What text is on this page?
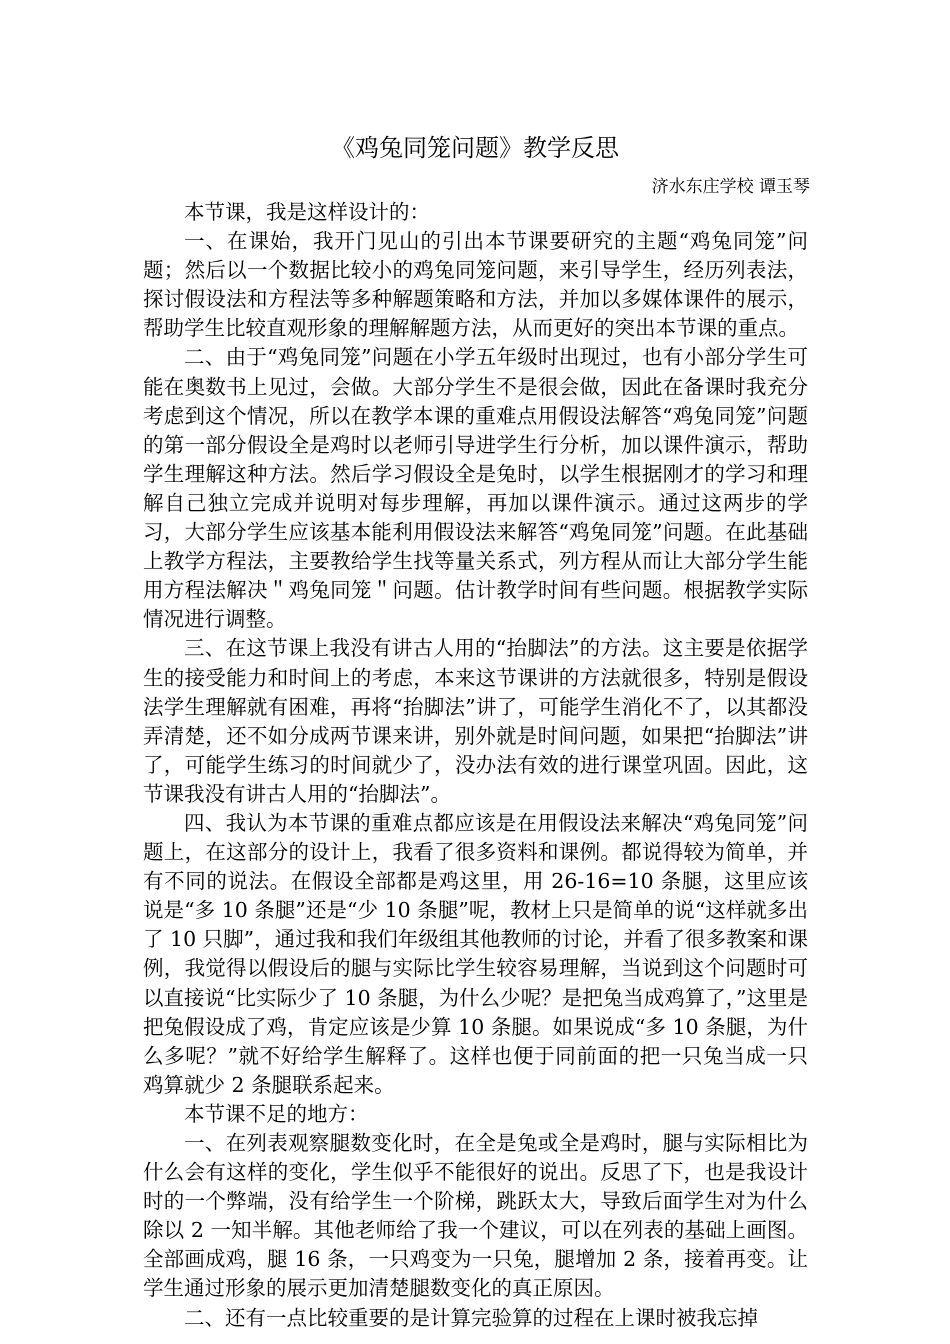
《鸡兔同笼问题》教学反思
济水东庄学校 谭玉琴

本节课，我是这样设计的：

一、在课始，我开门见山的引出本节课要研究的主题“鸡兔同笼”问题；然后以一个数据比较小的鸡兔同笼问题，来引导学生，经历列表法，探讨假设法和方程法等多种解题策略和方法，并加以多媒体课件的展示，帮助学生比较直观形象的理解解题方法，从而更好的突出本节课的重点。

二、由于“鸡兔同笼”问题在小学五年级时出现过，也有小部分学生可能在奥数书上见过，会做。大部分学生不是很会做，因此在备课时我充分考虑到这个情况，所以在教学本课的重难点用假设法解答“鸡兔同笼”问题的第一部分假设全是鸡时以老师引导进学生行分析，加以课件演示，帮助学生理解这种方法。然后学习假设全是兔时，以学生根据刚才的学习和理解自己独立完成并说明对每步理解，再加以课件演示。通过这两步的学习，大部分学生应该基本能利用假设法来解答“鸡兔同笼”问题。在此基础上教学方程法，主要教给学生找等量关系式，列方程从而让大部分学生能用方程法解决＂鸡兔同笼＂问题。估计教学时间有些问题。根据教学实际情况进行调整。

三、在这节课上我没有讲古人用的“抬脚法”的方法。这主要是依据学生的接受能力和时间上的考虑，本来这节课讲的方法就很多，特别是假设法学生理解就有困难，再将“抬脚法”讲了，可能学生消化不了，以其都没弄清楚，还不如分成两节课来讲，别外就是时间问题，如果把“抬脚法”讲了，可能学生练习的时间就少了，没办法有效的进行课堂巩固。因此，这节课我没有讲古人用的“抬脚法”。

四、我认为本节课的重难点都应该是在用假设法来解决“鸡兔同笼”问题上，在这部分的设计上，我看了很多资料和课例。都说得较为简单，并有不同的说法。在假设全部都是鸡这里，用 26-16=10 条腿，这里应该说是“多 10 条腿”还是“少 10 条腿”呢，教材上只是简单的说“这样就多出了 10 只脚”，通过我和我们年级组其他教师的讨论，并看了很多教案和课例，我觉得以假设后的腿与实际比学生较容易理解，当说到这个问题时可以直接说“比实际少了 10 条腿，为什么少呢？是把兔当成鸡算了，”这里是把兔假设成了鸡，肯定应该是少算 10 条腿。如果说成“多 10 条腿，为什么多呢？”就不好给学生解释了。这样也便于同前面的把一只兔当成一只鸡算就少 2 条腿联系起来。

本节课不足的地方：

一、在列表观察腿数变化时，在全是兔或全是鸡时，腿与实际相比为什么会有这样的变化，学生似乎不能很好的说出。反思了下，也是我设计时的一个弊端，没有给学生一个阶梯，跳跃太大，导致后面学生对为什么除以 2 一知半解。其他老师给了我一个建议，可以在列表的基础上画图。全部画成鸡，腿 16 条，一只鸡变为一只兔，腿增加 2 条，接着再变。让学生通过形象的展示更加清楚腿数变化的真正原因。

二、还有一点比较重要的是计算完验算的过程在上课时被我忘掉
